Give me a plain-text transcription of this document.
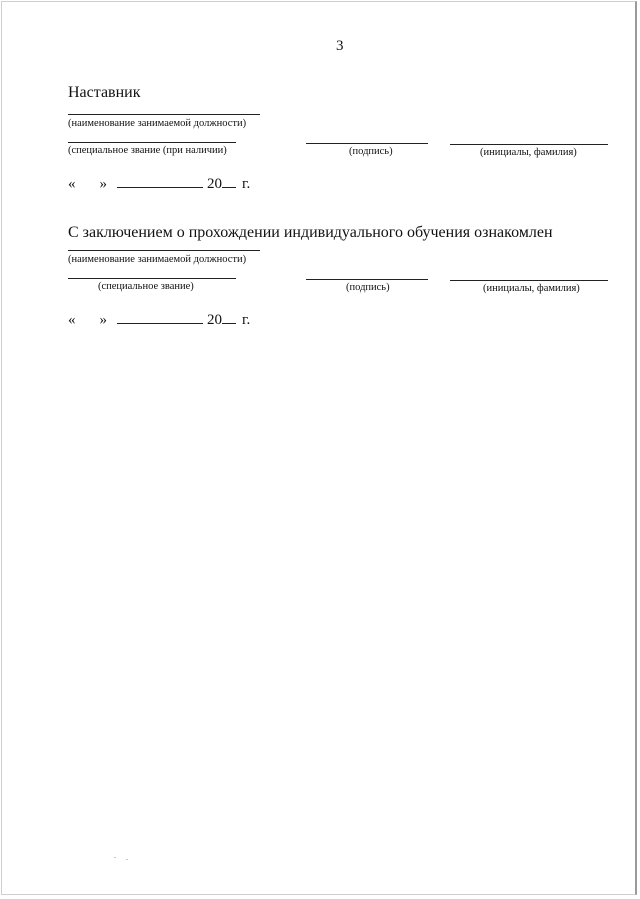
3
Наставник
(наименование занимаемой должности)
(специальное звание (при наличии)	(подпись)	(инициалы, фамилия)
« »	20 г.
С заключением о прохождении индивидуального обучения ознакомлен
(наименование занимаемой должности)
(специальное звание)	(подпись)	(инициалы, фамилия)
« »	20 г.
